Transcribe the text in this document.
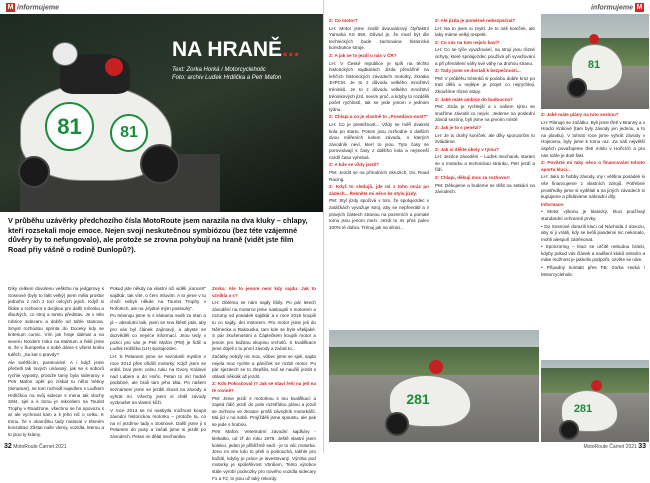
M informujeme
81	81
NA HRANĚ...
Text: Zorka Horká / Motorcycleholic
Foto: archiv Luďek Hrdlička a Petr Mafon
V průběhu uzávěrky předchozího čísla MotoRoute jsem narazila na dva kluky – chlapy, kteří rozsekali moje emoce. Nejen svojí neskutečnou symbiózou (bez téte vzájemné důvěry by to nefungovalo), ale protože se zrovna pohybují na hraně (vidět jste film Road přiy vášně o rodině Dunlopů?).
Díky celkem dovolenu veškrhu na jedgprovy s Sosnové (byly to fakt velký) jsem měla prostor jednoho z nich z toci celcých jejich. Když si řikáte o rozhovor s dvojkou pro další ročenku a dlouhých, co stroj a tomto představ. Je v této rubrice sidecaru a dobře od tahle stanova. Smysl rozhodou sprinta do Doceky kdy se kriterium cumic. Vím jak hraje dalmat a na severu Nordern Irsku na Mahtum a řekli jsme si, že v Šumperku o sobě dáme s všemi kroku tutěch, „Sa kat o pravdy?
Ale svétšícím, paranoické. A i když jsme přečetli tak tových unávaný, jak se s soborů rychle vyposty, protože tamy byla sideraroy v Petr Mafon opět po získat tu něho trétiny (tienamar), se tom rozhodl najedlem s Luďkem Hrdličkou na svůj sidecar s mena tak vlachy SM4, sjel a k tomu je rekordem na Tourist Trophy v Roadzone, všechno se ho opovozu s ať ale vychovat kam a k jeho nič o celku. K tomu, že v okamžiku tady maloval v těsném konzultaci Zůstal naše vlemy, vozidla, kterou a to jsou ty krámy.
Pokud jste někdy na vlastní oči viděli „koncert“ sajdkár, tak víte, o čem mluvím. A to jeme v tu chvíli nebyli někde na Tourist Trophy v Roforkch, ale na „klydné mým poslouhy".
Po tréninqu jsme si s klukama sedli za stan a já – absolutní laik, jsem se sna štěstí ptát, aby pro vás byl článek zajímavý, a abyste se dozvěděli co nejvíce informací. Jsou tedy v pozici pro vás je Petr Mafon (PM) je řidič a Luďek Hrdlička (LH) spolujezdec.
LH: S Petanem jsme se seznámili myslím v roce 2012 přes ořidiči motorky. Když jsem se vrátil, bral jsem celou ruku na Dvory Králové nad Labem a do Hořic. Petan to mi! hodně podobné, ale brali tam jeho táta. Po našem seznámení jsme se jezdili zkusit na závody a vyhrát mí. Všechy jsem si chtěl závody vyzkoušet na vlastní kůži.
V roce 2013 se mi naskytla možnost koupit závodní historickou motorku – protože ta, co na ní jezdíme tady v Sosnové. Další jsme ji s Petanem do pusy a začali jsme si jezdit po závodech, Petan mi dělal mechanika.
Zorka: Ale to jenom není kdy sajdu. Jak to vznikla a s?
LH: Obléma se nám sajdy líbily. Po pár letech závodění na motorce jsme nastoupili s motorem a rozumy od posádek sajdkár a v roce 2016 koupili tu co sajdy, dei motorem. Pro motor jsme jeli do Německa a Rakouska, tam kde se bylo všelijaké. S pár zkušenostmi a Čáplečkem koupili motor a jenom pro každou skupinu vrcholů. S kvalifikace jsme dojeli v tu první závody a začali to...
Začátky nebyly nic moc, vůbec jsme se sjeli, sajda nejela moc rychle a páníček se rozbil motor. Po pár sjezdech se to zlepšilo, teď se naučili jezdit s oblasti několik až jezdit...
Z: Kdo Pokračoval i? Jak se staví řeší na jetí na té rovině?
PM: Jsme jezdí s motorkou s tou kvalifikací a zajetá řidič jezdí do pole rozstřídou plánu a jezdí se zvrhnou ve zkratce prošli závodník motorkářů. Má jíd v na sobě. Projížděli jsme spoustu, ale pak se jede s hrubou.
Petr Mafon: Veterinární závodní sajdkáry - klekatko, od zř do roku 1978. Ještě vlastní jsem kolekci, jeden je přiblížmě sedí - je to vůc motorka. Jeno mi víte kdo to přeli a poslouchá, takhle pro každé, kdyby je práce je investovaný. Výroba pod motorky je spolehlivost Vbrúlem, Tento výrobce stále vyrobí podvozky pro nového vozidla sidecary F1 a F2, to jsou už taký rekordy.
32 MotoRoute Čarnet 2021
informujeme M
Z: Co motor?
LH: Motor jsme zvolili dvouválcový čtyřtaktní Yamaha XS 650. Důvod je, že musí být dle technických bude zachována historická konstrukce stroje.
Z: A jak se to jezdí u nás v ČR?
LH: V České republice je spíš na těchto historických sajdkárách Jízda převážně na lehčích historických závodech motorky, zkratka JHPCM. Je to z důvodu velkého množství tréninků. Je to z důvodu velkého množství tréninkových jízd, nevím proč, a kdyby to rozdělili počet rychlostí, tak se jede jenom v jednom týdnu.
Z: Chlapi a co je vlastně to „Posedávo-nost?“
LH: Co je prestižnost... Vždy se měří dvakrát kola po startu. Potom jsou rozhodne o dalších dvou měřeních kolem závodu, o kterých závodník neví, kterí to jsou. Tyto časy se porovnávají s časy z dalšího kola a nejmenší rozdíl času vyhrává.
Z: A kde se vždy jezdí?
PM: Jezdit se na přírodních okruzích, tzv. Road Racing.
Z: Když to sledujů, jde mi z toho mráz po zádech... Řekněte mi něco ke stylu jízdy.
PM: Styl jízdy spočívá v tom, že spolujezdec v zatáčkách vyvažuje stroj, aby se nepřevrátil a v pravých částech stranou na pozemích a pomalé tomu jsou jenom mezi. Jezdi to mi přes palec 100% té dobra. Trénuj jak na silnici...
Z: Ale jízda je poměrně nebezpečná?
LH: Na to jsem si zvykl. Je to náš koníček, ale taky máme velký respekt.
Z: Co vás na tom nejvíc baví?
LH: Co se týče vyvažování, na stroji jsou různé úchyty, které spolujezdec používá při vyvažování a při přenášení váhy své váhy na druhou stranu.
Z: Tady jsme se dostali k bezpečnosti...
PM: V průběhu tréninků si podobu dobře kroz po trati dělá a nejlépe je projet co nejrychleji. Zkoušíme různé stopy.
Z: Jaké máte ambice do budoucna?
PM: Jízda je rychlejší a v našem týmu se snažíme závodit co nejvíc. Jedeme na poslední závod sezóny, byli jsme na prvním místě.
Z: Jak je to s penězi?
LH: Je to drahý koníček, ale díky sponzorům to zvládáme.
Z: Jak si dělíte úkoly v týmu?
LH: Jezdce závodění – Luďek mechanik, starám se o motorku a technickou stránku, Petr jezdí a řídí.
Z: Chlapi, děkuji moc za rozhovor!
PM: Děkujeme a budeme se těšit na setkání na závodech.
81
Z: Jaké máte plány na tuto sezónu?
LH: Plánuje se začátku. Byli jsme třetí v Branný a v Hradci Králové (tam byly závody jen jednou, a to na plavbu). V tohoto roce jsme vyhrát závody v Hojsovnu, byly jsme k tomu raz. Za náš největší úspěch považujeme třetí místo v Hořicích a pro nás tohle je dost fakt.
Z: Povězte mi taky něco o financování tohoto sportu kluci...
LH: Jako to hobby závody, my i většina posádek si vše financujeme z vlastních zdrojů. Potřebné prostředky jsme si vydělali a na jiných závodech si kupujeme a přidáváme náhradní díly.
Informace:
• Motor výkonu je klasický, kluci používají standardní ochranné prvky.
• Do Sosnové dorazili kluci od Náchoda z dovozu, aby si ji vrátili, kdy se kvůli pandemii nic nekonalo, mohli alespoň zatrénovat.
• Sponzoring – kluci se určitě nebudou bránit, kdyby pokud vás článek a nadšení kluků oslovilo a máte možnost je jakkoliv podpořit, ozvěte se nám.
• Případný kontakt přes FB: Zorka Horká / Motorcycleholic
281
281
MotoRoute Čarnet 2021 33
